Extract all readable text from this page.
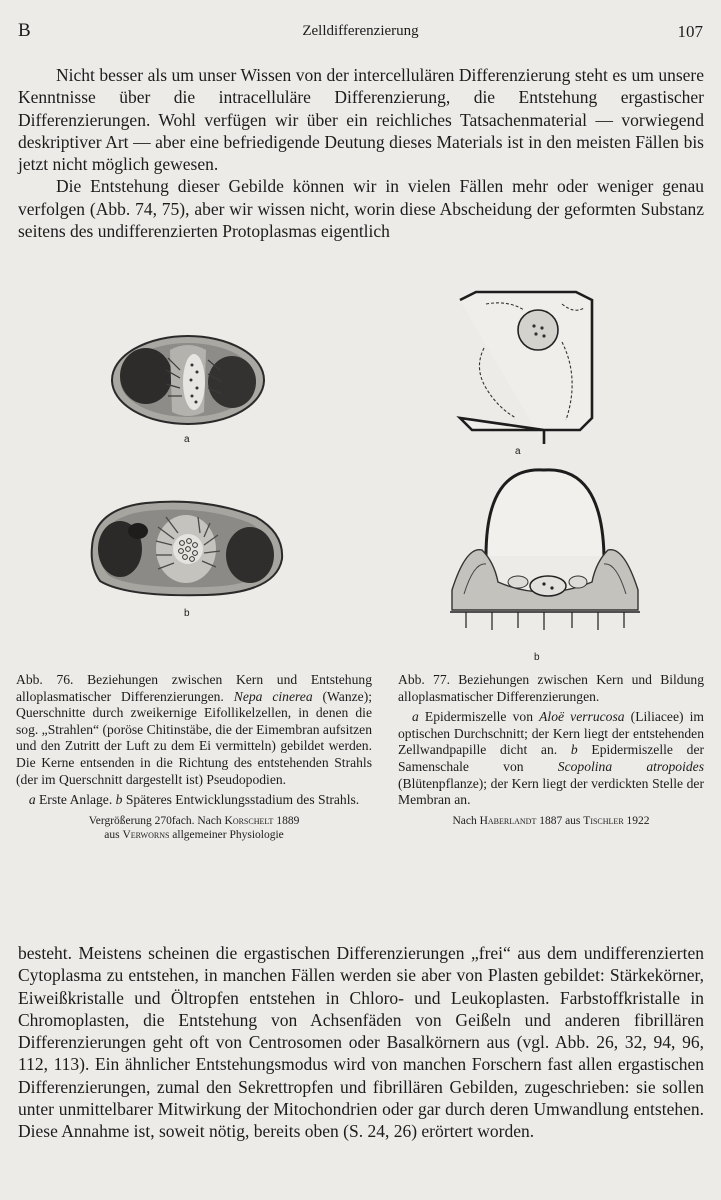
B	Zelldifferenzierung	107

Nicht besser als um unser Wissen von der intercellulären Differenzierung steht es um unsere Kenntnisse über die intracelluläre Differenzierung, die Entstehung ergastischer Differenzierungen. Wohl verfügen wir über ein reichliches Tatsachenmaterial — vorwiegend deskriptiver Art — aber eine befriedigende Deutung dieses Materials ist in den meisten Fällen bis jetzt nicht möglich gewesen.

Die Entstehung dieser Gebilde können wir in vielen Fällen mehr oder weniger genau verfolgen (Abb. 74, 75), aber wir wissen nicht, worin diese Abscheidung der geformten Substanz seitens des undifferenzierten Protoplasmas eigentlich

a
b
a
b

Abb. 76. Beziehungen zwischen Kern und Entstehung alloplasmatischer Differenzierungen. Nepa cinerea (Wanze); Querschnitte durch zweikernige Eifollikelzellen, in denen die sog. „Strahlen“ (poröse Chitinstäbe, die der Eimembran aufsitzen und den Zutritt der Luft zu dem Ei vermitteln) gebildet werden. Die Kerne entsenden in die Richtung des entstehenden Strahls (der im Querschnitt dargestellt ist) Pseudopodien.

a Erste Anlage. b Späteres Entwicklungsstadium des Strahls.

Vergrößerung 270fach. Nach Korschelt 1889
aus Verworns allgemeiner Physiologie

Abb. 77. Beziehungen zwischen Kern und Bildung alloplasmatischer Differenzierungen.

a Epidermiszelle von Aloë verrucosa (Liliacee) im optischen Durchschnitt; der Kern liegt der entstehenden Zellwandpapille dicht an. b Epidermiszelle der Samenschale von Scopolina atropoides (Blütenpflanze); der Kern liegt der verdickten Stelle der Membran an.

Nach Haberlandt 1887 aus Tischler 1922

besteht. Meistens scheinen die ergastischen Differenzierungen „frei“ aus dem undifferenzierten Cytoplasma zu entstehen, in manchen Fällen werden sie aber von Plasten gebildet: Stärkekörner, Eiweißkristalle und Öltropfen entstehen in Chloro- und Leukoplasten. Farbstoffkristalle in Chromoplasten, die Entstehung von Achsenfäden von Geißeln und anderen fibrillären Differenzierungen geht oft von Centrosomen oder Basalkörnern aus (vgl. Abb. 26, 32, 94, 96, 112, 113). Ein ähnlicher Entstehungsmodus wird von manchen Forschern fast allen ergastischen Differenzierungen, zumal den Sekrettropfen und fibrillären Gebilden, zugeschrieben: sie sollen unter unmittelbarer Mitwirkung der Mitochondrien oder gar durch deren Umwandlung entstehen. Diese Annahme ist, soweit nötig, bereits oben (S. 24, 26) erörtert worden.
